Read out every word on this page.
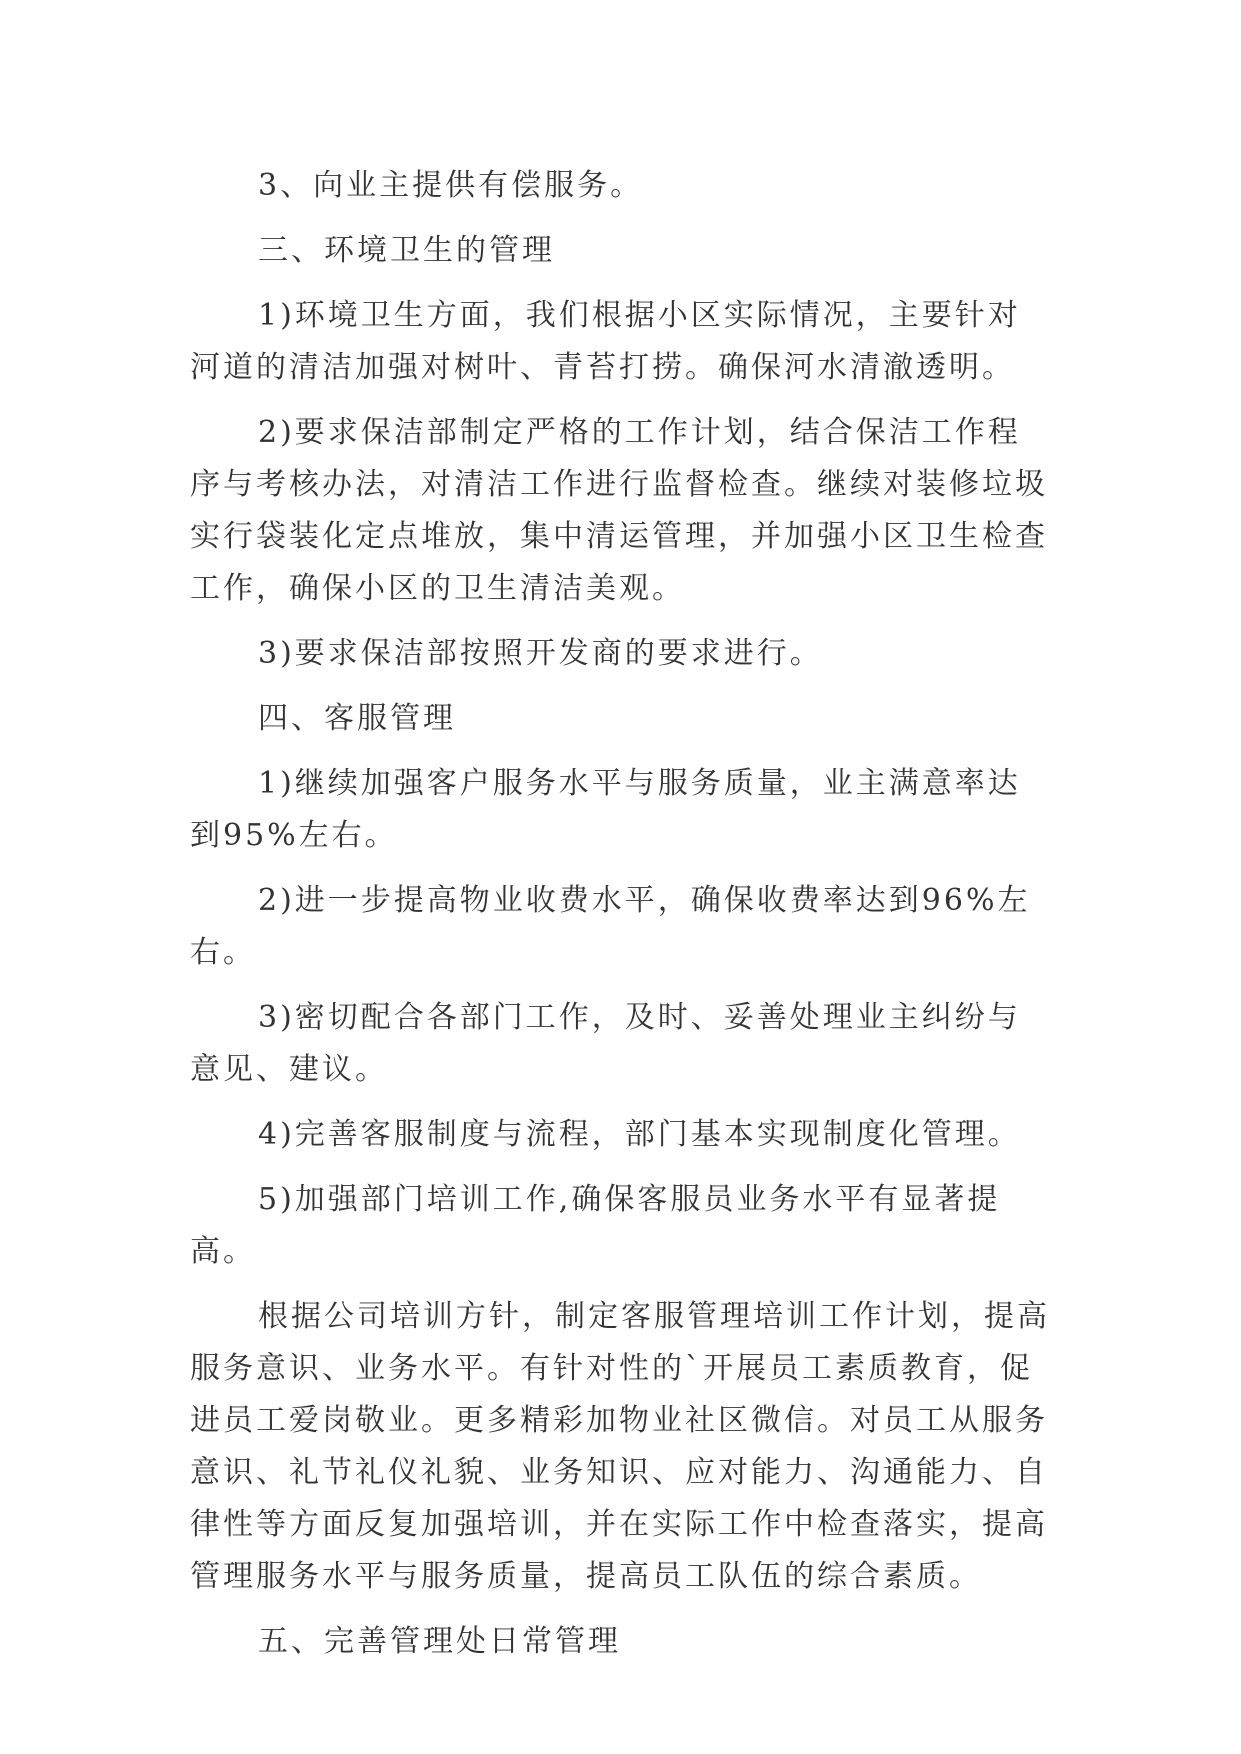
3、向业主提供有偿服务。

三、环境卫生的管理

1)环境卫生方面，我们根据小区实际情况，主要针对河道的清洁加强对树叶、青苔打捞。确保河水清澈透明。

2)要求保洁部制定严格的工作计划，结合保洁工作程序与考核办法，对清洁工作进行监督检查。继续对装修垃圾实行袋装化定点堆放，集中清运管理，并加强小区卫生检查工作，确保小区的卫生清洁美观。

3)要求保洁部按照开发商的要求进行。

四、客服管理

1)继续加强客户服务水平与服务质量，业主满意率达到95%左右。

2)进一步提高物业收费水平，确保收费率达到96%左右。

3)密切配合各部门工作，及时、妥善处理业主纠纷与意见、建议。

4)完善客服制度与流程，部门基本实现制度化管理。

5)加强部门培训工作,确保客服员业务水平有显著提高。

根据公司培训方针，制定客服管理培训工作计划，提高服务意识、业务水平。有针对性的`开展员工素质教育，促进员工爱岗敬业。更多精彩加物业社区微信。对员工从服务意识、礼节礼仪礼貌、业务知识、应对能力、沟通能力、自律性等方面反复加强培训，并在实际工作中检查落实，提高管理服务水平与服务质量，提高员工队伍的综合素质。

五、完善管理处日常管理
